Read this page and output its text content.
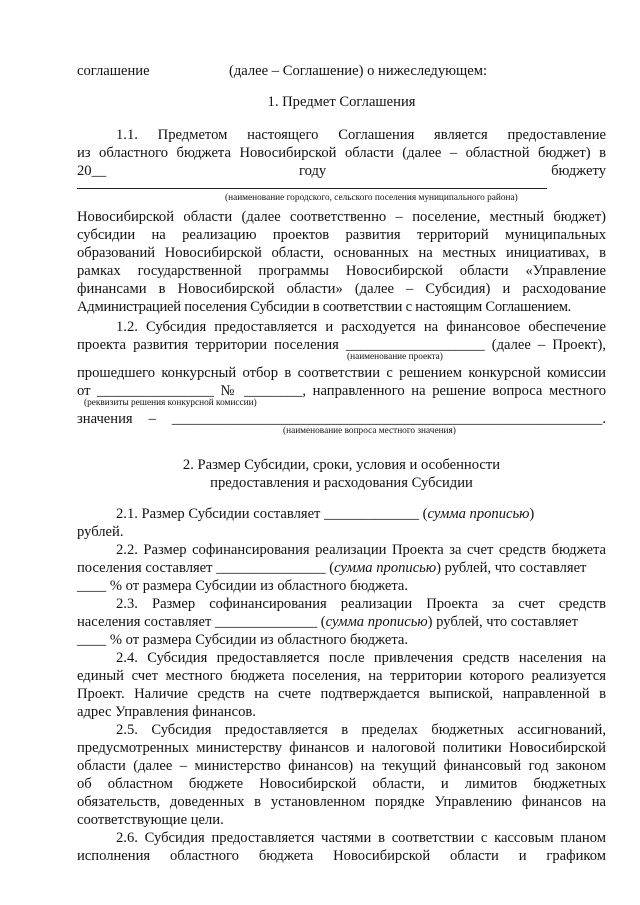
соглашение	(далее – Соглашение) о нижеследующем:
1. Предмет Соглашения
1.1. Предметом настоящего Соглашения является предоставление
из областного бюджета Новосибирской области (далее – областной бюджет) в
20__	году	бюджету
(наименование городского, сельского поселения муниципального района)
Новосибирской области (далее соответственно – поселение, местный бюджет)
субсидии на реализацию проектов развития территорий муниципальных
образований Новосибирской области, основанных на местных инициативах, в
рамках государственной программы Новосибирской области «Управление
финансами в Новосибирской области» (далее – Субсидия) и расходование
Администрацией поселения Субсидии в соответствии с настоящим Соглашением.
1.2. Субсидия предоставляется и расходуется на финансовое обеспечение
проекта развития территории поселения ___________________ (далее – Проект),
(наименование проекта)
прошедшего конкурсный отбор в соответствии с решением конкурсной комиссии
от ________________ № ________, направленного на решение вопроса местного
(реквизиты решения конкурсной комиссии)
значения – ___________________________________________________________.
(наименование вопроса местного значения)
2. Размер Субсидии, сроки, условия и особенности
предоставления и расходования Субсидии
2.1. Размер Субсидии составляет _____________ (сумма прописью)
рублей.
2.2. Размер софинансирования реализации Проекта за счет средств бюджета
поселения составляет _______________ (сумма прописью) рублей, что составляет
____ % от размера Субсидии из областного бюджета.
2.3. Размер софинансирования реализации Проекта за счет средств
населения составляет ______________ (сумма прописью) рублей, что составляет
____ % от размера Субсидии из областного бюджета.
2.4. Субсидия предоставляется после привлечения средств населения на
единый счет местного бюджета поселения, на территории которого реализуется
Проект. Наличие средств на счете подтверждается выпиской, направленной в
адрес Управления финансов.
2.5. Субсидия предоставляется в пределах бюджетных ассигнований,
предусмотренных министерству финансов и налоговой политики Новосибирской
области (далее – министерство финансов) на текущий финансовый год законом
об областном бюджете Новосибирской области, и лимитов бюджетных
обязательств, доведенных в установленном порядке Управлению финансов на
соответствующие цели.
2.6. Субсидия предоставляется частями в соответствии с кассовым планом
исполнения областного бюджета Новосибирской области и графиком
